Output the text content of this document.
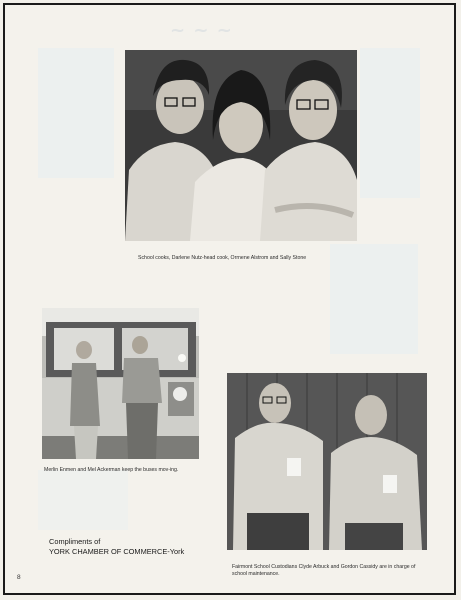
~ ~ ~
School cooks, Darlene Nutz-head cook, Orrnene Alstrom and Sally Stone
Merlin Enmen and Mel Ackerman keep the buses mov-ing.
Fairmont School Custodians Clyde Arbuck and Gordon Cassidy are in charge of school maintenance.
Compliments of
YORK CHAMBER OF COMMERCE-York
8
